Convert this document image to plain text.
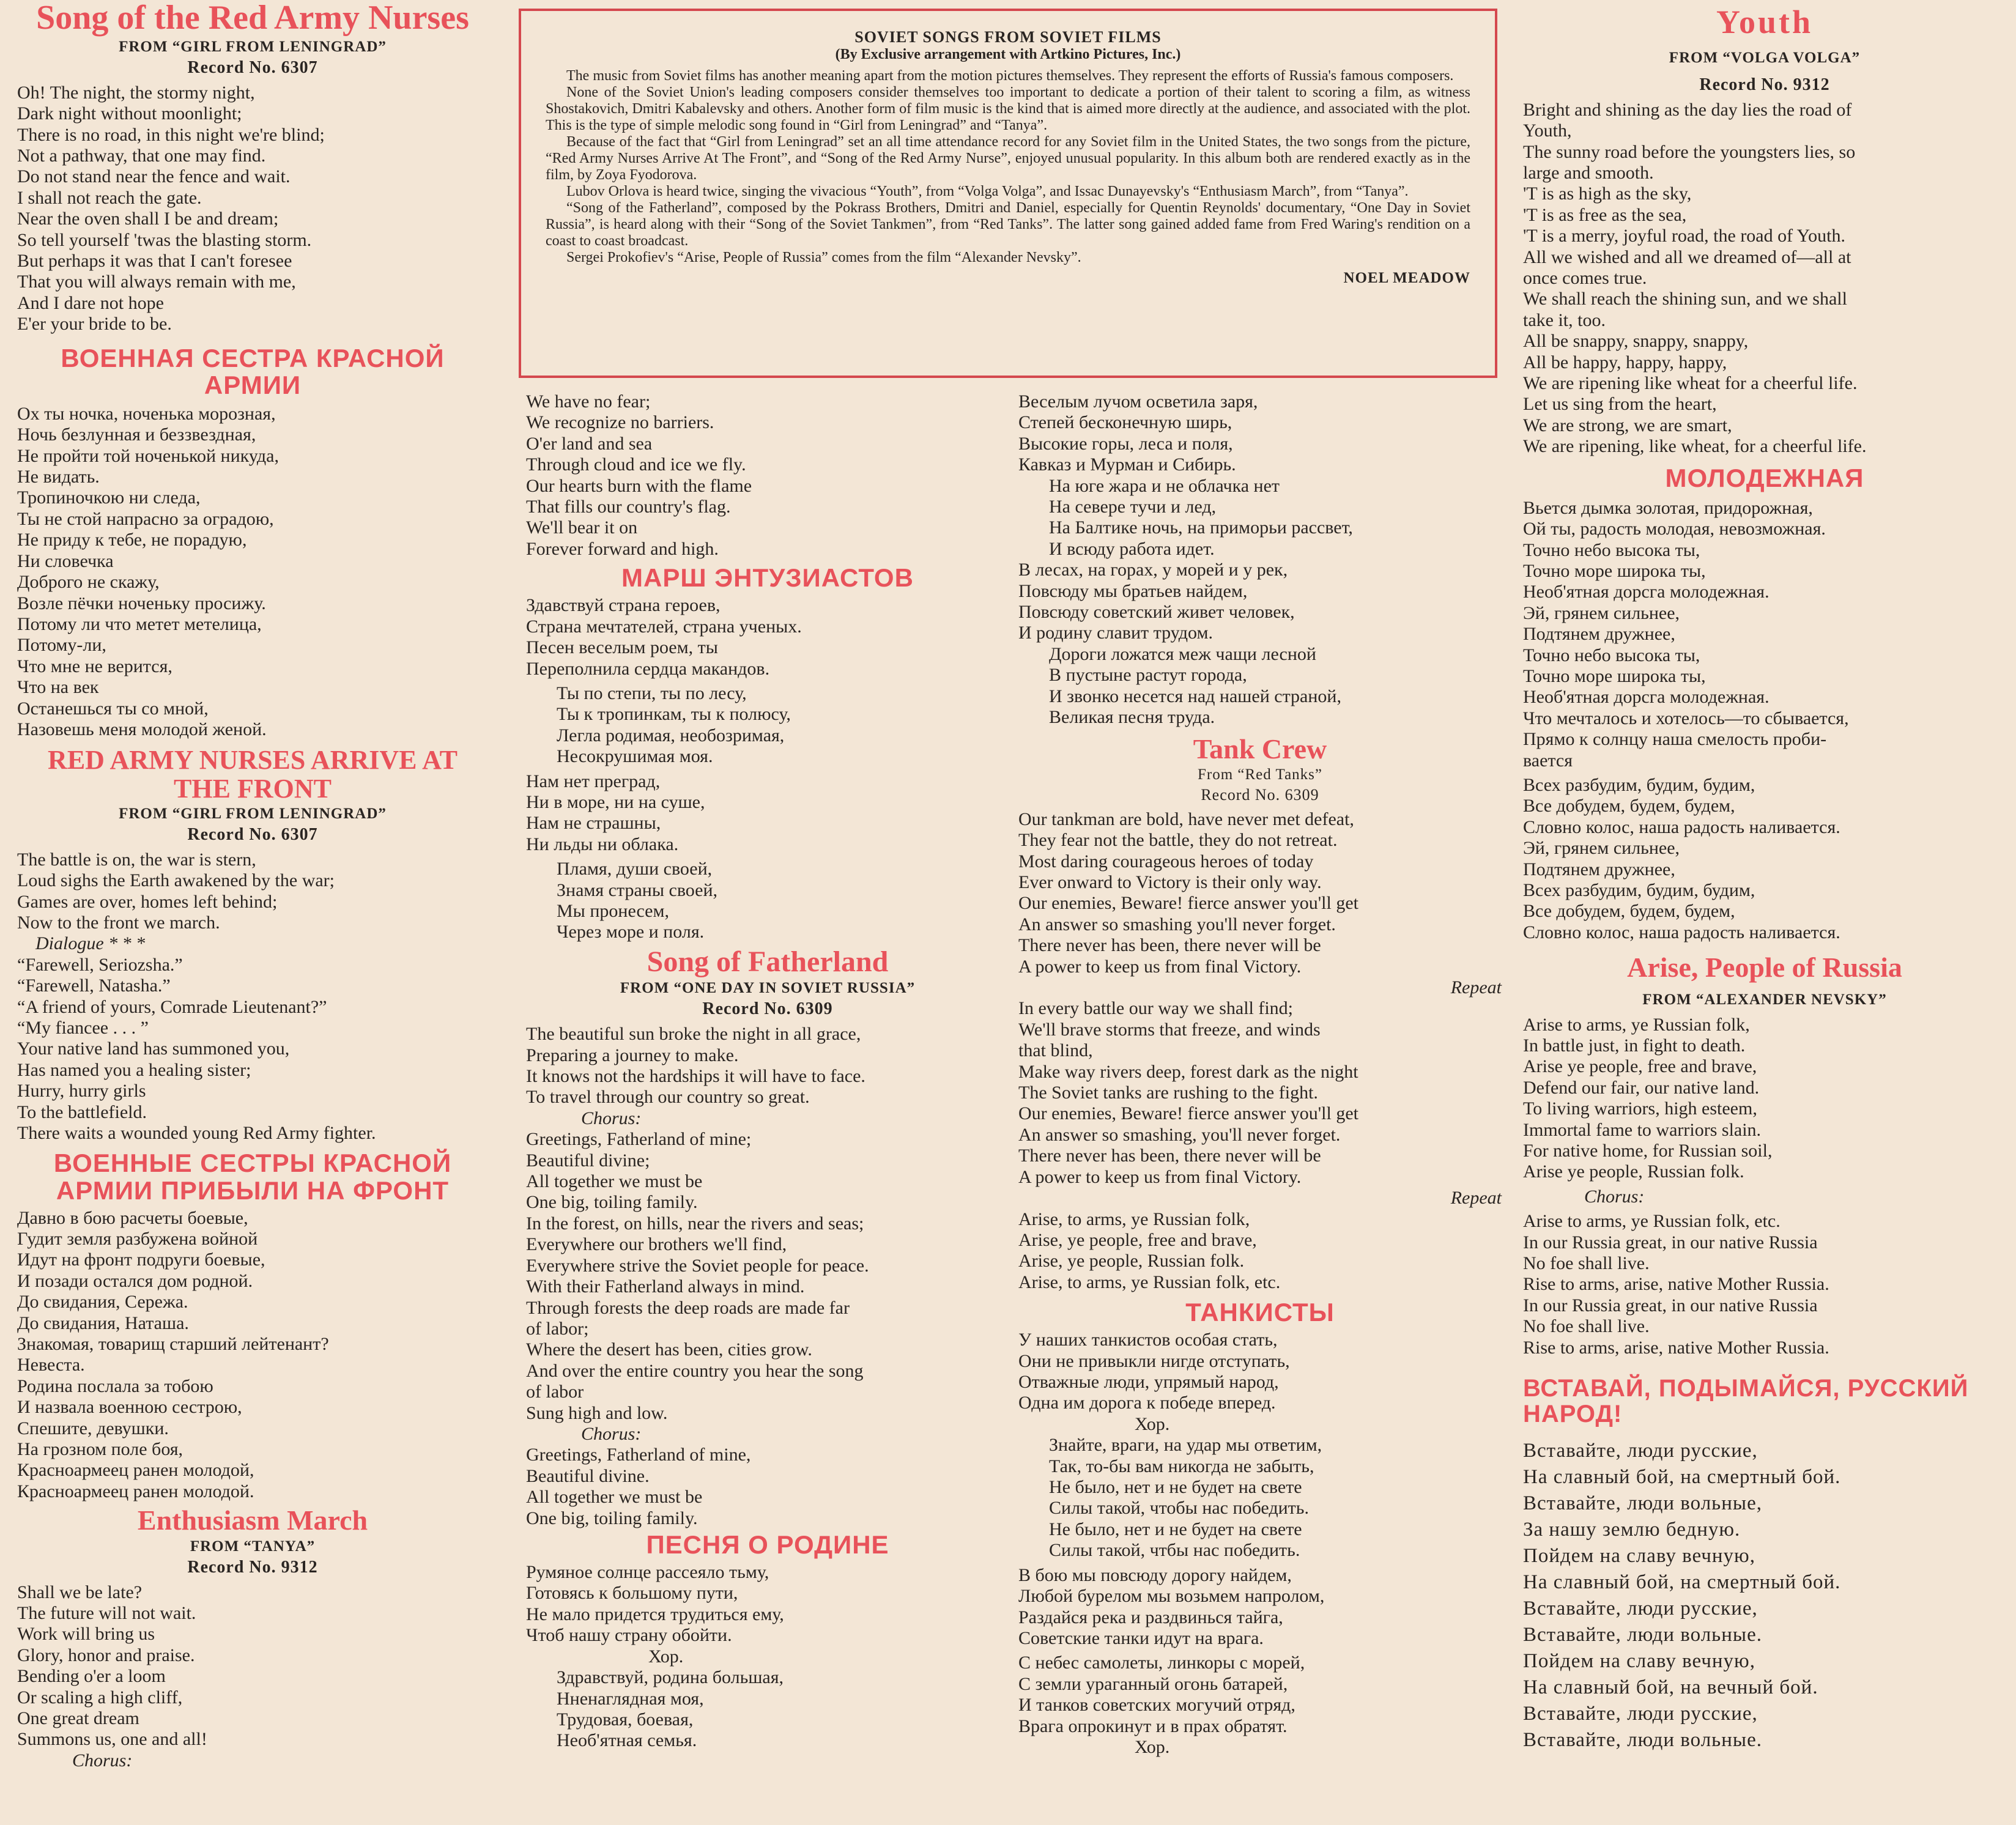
SOVIET SONGS FROM SOVIET FILMS
(By Exclusive arrangement with Artkino Pictures, Inc.)

The music from Soviet films has another meaning apart from the motion pictures themselves. They represent the efforts of Russia's famous composers.

None of the Soviet Union's leading composers consider themselves too important to dedicate a portion of their talent to scoring a film, as witness Shostakovich, Dmitri Kabalevsky and others. Another form of film music is the kind that is aimed more directly at the audience, and associated with the plot. This is the type of simple melodic song found in “Girl from Leningrad” and “Tanya”.

Because of the fact that “Girl from Leningrad” set an all time attendance record for any Soviet film in the United States, the two songs from the picture, “Red Army Nurses Arrive At The Front”, and “Song of the Red Army Nurse”, enjoyed unusual popularity. In this album both are rendered exactly as in the film, by Zoya Fyodorova.

Lubov Orlova is heard twice, singing the vivacious “Youth”, from “Volga Volga”, and Issac Dunayevsky's “Enthusiasm March”, from “Tanya”.

“Song of the Fatherland”, composed by the Pokrass Brothers, Dmitri and Daniel, especially for Quentin Reynolds' documentary, “One Day in Soviet Russia”, is heard along with their “Song of the Soviet Tankmen”, from “Red Tanks”. The latter song gained added fame from Fred Waring's rendition on a coast to coast broadcast.

Sergei Prokofiev's “Arise, People of Russia” comes from the film “Alexander Nevsky”.

NOEL MEADOW
Song of the Red Army Nurses
FROM “GIRL FROM LENINGRAD”
Record No. 6307
Oh! The night, the stormy night,
Dark night without moonlight;
There is no road, in this night we're blind;
Not a pathway, that one may find.
Do not stand near the fence and wait.
I shall not reach the gate.
Near the oven shall I be and dream;
So tell yourself 'twas the blasting storm.
But perhaps it was that I can't foresee
That you will always remain with me,
And I dare not hope
E'er your bride to be.
ВОЕННАЯ СЕСТРА КРАСНОЙ АРМИИ
Ох ты ночка, ноченька морозная,
Ночь безлунная и беззвездная,
Не пройти той ноченькой никуда,
Не видать.
Тропиночкою ни следа,
Ты не стой напрасно за оградою,
Не приду к тебе, не порадую,
Ни словечка
Доброго не скажу,
Возле пёчки ноченьку просижу.
Потому ли что метет метелица,
Потому-ли,
Что мне не верится,
Что на век
Останешься ты со мной,
Назовешь меня молодой женой.
RED ARMY NURSES ARRIVE AT THE FRONT
FROM “GIRL FROM LENINGRAD”
Record No. 6307
The battle is on, the war is stern,
Loud sighs the Earth awakened by the war;
Games are over, homes left behind;
Now to the front we march.
Dialogue * * *
“Farewell, Seriozsha.”
“Farewell, Natasha.”
“A friend of yours, Comrade Lieutenant?”
“My fiancee . . . ”
Your native land has summoned you,
Has named you a healing sister;
Hurry, hurry girls
To the battlefield.
There waits a wounded young Red Army fighter.
ВОЕННЫЕ СЕСТРЫ КРАСНОЙ АРМИИ ПРИБЫЛИ НА ФРОНТ
Давно в бою расчеты боевые,
Гудит земля разбужена войной
Идут на фронт подруги боевые,
И позади остался дом родной.
До свидания, Сережа.
До свидания, Наташа.
Знакомая, товарищ старший лейтенант?
Невеста.
Родина послала за тобою
И назвала военною сестрою,
Спешите, девушки.
На грозном поле боя,
Красноармеец ранен молодой,
Красноармеец ранен молодой.
Enthusiasm March
FROM “TANYA”
Record No. 9312
Shall we be late?
The future will not wait.
Work will bring us
Glory, honor and praise.
Bending o'er a loom
Or scaling a high cliff,
One great dream
Summons us, one and all!
Chorus:
We have no fear;
We recognize no barriers.
O'er land and sea
Through cloud and ice we fly.
Our hearts burn with the flame
That fills our country's flag.
We'll bear it on
Forever forward and high.
МАРШ ЭНТУЗИАСТОВ
Здавствуй страна героев,
Страна мечтателей, страна ученых.
Песен веселым роем, ты
Переполнила сердца макандов.
Ты по степи, ты по лесу,
Ты к тропинкам, ты к полюсу,
Легла родимая, необозримая,
Несокрушимая моя.
Нам нет преград,
Ни в море, ни на суше,
Нам не страшны,
Ни льды ни облака.
Пламя, души своей,
Знамя страны своей,
Мы пронесем,
Через море и поля.
Song of Fatherland
FROM “ONE DAY IN SOVIET RUSSIA”
Record No. 6309
The beautiful sun broke the night in all grace,
Preparing a journey to make.
It knows not the hardships it will have to face.
To travel through our country so great.
Chorus:
Greetings, Fatherland of mine;
Beautiful divine;
All together we must be
One big, toiling family.
In the forest, on hills, near the rivers and seas;
Everywhere our brothers we'll find,
Everywhere strive the Soviet people for peace.
With their Fatherland always in mind.
Through forests the deep roads are made far
of labor;
Where the desert has been, cities grow.
And over the entire country you hear the song
of labor
Sung high and low.
Chorus:
Greetings, Fatherland of mine,
Beautiful divine.
All together we must be
One big, toiling family.
ПЕСНЯ О РОДИНЕ
Румяное солнце рассеяло тьму,
Готовясь к большому пути,
Не мало придется трудиться ему,
Чтоб нашу страну обойти.
Хор.
Здравствуй, родина большая,
Нненаглядная моя,
Трудовая, боевая,
Необ'ятная семья.
Веселым лучом осветила заря,
Степей бесконечную ширь,
Высокие горы, леса и поля,
Кавказ и Мурман и Сибирь.
На юге жара и не облачка нет
На севере тучи и лед,
На Балтике ночь, на приморьи рассвет,
И всюду работа идет.
В лесах, на горах, у морей и у рек,
Повсюду мы братьев найдем,
Повсюду советский живет человек,
И родину славит трудом.
Дороги ложатся меж чащи лесной
В пустыне растут города,
И звонко несется над нашей страной,
Великая песня труда.
Tank Crew
From “Red Tanks”
Record No. 6309
Our tankman are bold, have never met defeat,
They fear not the battle, they do not retreat.
Most daring courageous heroes of today
Ever onward to Victory is their only way.
Our enemies, Beware! fierce answer you'll get
An answer so smashing you'll never forget.
There never has been, there never will be
A power to keep us from final Victory.
Repeat
In every battle our way we shall find;
We'll brave storms that freeze, and winds
that blind,
Make way rivers deep, forest dark as the night
The Soviet tanks are rushing to the fight.
Our enemies, Beware! fierce answer you'll get
An answer so smashing, you'll never forget.
There never has been, there never will be
A power to keep us from final Victory.
Repeat
Arise, to arms, ye Russian folk,
Arise, ye people, free and brave,
Arise, ye people, Russian folk.
Arise, to arms, ye Russian folk, etc.
ТАНКИСТЫ
У наших танкистов особая стать,
Они не привыкли нигде отступать,
Отважные люди, упрямый народ,
Одна им дорога к победе вперед.
Хор.
Знайте, враги, на удар мы ответим,
Так, то-бы вам никогда не забыть,
Не было, нет и не будет на свете
Силы такой, чтобы нас победить.
Не было, нет и не будет на свете
Силы такой, чтбы нас победить.
В бою мы повсюду дорогу найдем,
Любой бурелом мы возьмем напролом,
Раздайся река и раздвинься тайга,
Советские танки идут на врага.
С небес самолеты, линкоры с морей,
С земли ураганный огонь батарей,
И танков советских могучий отряд,
Врага опрокинут и в прах обратят.
Хор.
Youth
FROM “VOLGA VOLGA”
Record No. 9312
Bright and shining as the day lies the road of
Youth,
The sunny road before the youngsters lies, so
large and smooth.
'T is as high as the sky,
'T is as free as the sea,
'T is a merry, joyful road, the road of Youth.
All we wished and all we dreamed of—all at
once comes true.
We shall reach the shining sun, and we shall
take it, too.
All be snappy, snappy, snappy,
All be happy, happy, happy,
We are ripening like wheat for a cheerful life.
Let us sing from the heart,
We are strong, we are smart,
We are ripening, like wheat, for a cheerful life.
МОЛОДЕЖНАЯ
Вьется дымка золотая, придорожная,
Ой ты, радость молодая, невозможная.
Точно небо высока ты,
Точно море широка ты,
Необ'ятная дорсга молодежная.
Эй, грянем сильнее,
Подтянем дружнее,
Точно небо высока ты,
Точно море широка ты,
Необ'ятная дорсга молодежная.
Что мечталось и хотелось—то сбывается,
Прямо к солнцу наша смелость проби-
вается
Всех разбудим, будим, будим,
Все добудем, будем, будем,
Словно колос, наша радость наливается.
Эй, грянем сильнее,
Подтянем дружнее,
Всех разбудим, будим, будим,
Все добудем, будем, будем,
Словно колос, наша радость наливается.
Arise, People of Russia
FROM “ALEXANDER NEVSKY”
Arise to arms, ye Russian folk,
In battle just, in fight to death.
Arise ye people, free and brave,
Defend our fair, our native land.
To living warriors, high esteem,
Immortal fame to warriors slain.
For native home, for Russian soil,
Arise ye people, Russian folk.
Chorus:
Arise to arms, ye Russian folk, etc.
In our Russia great, in our native Russia
No foe shall live.
Rise to arms, arise, native Mother Russia.
In our Russia great, in our native Russia
No foe shall live.
Rise to arms, arise, native Mother Russia.
ВСТАВАЙ, ПОДЫМАЙСЯ, РУССКИЙ НАРОД!
Вставайте, люди русские,
На славный бой, на смертный бой.
Вставайте, люди вольные,
За нашу землю бедную.
Пойдем на славу вечную,
На славный бой, на смертный бой.
Вставайте, люди русские,
Вставайте, люди вольные.
Пойдем на славу вечную,
На славный бой, на вечный бой.
Вставайте, люди русские,
Вставайте, люди вольные.
